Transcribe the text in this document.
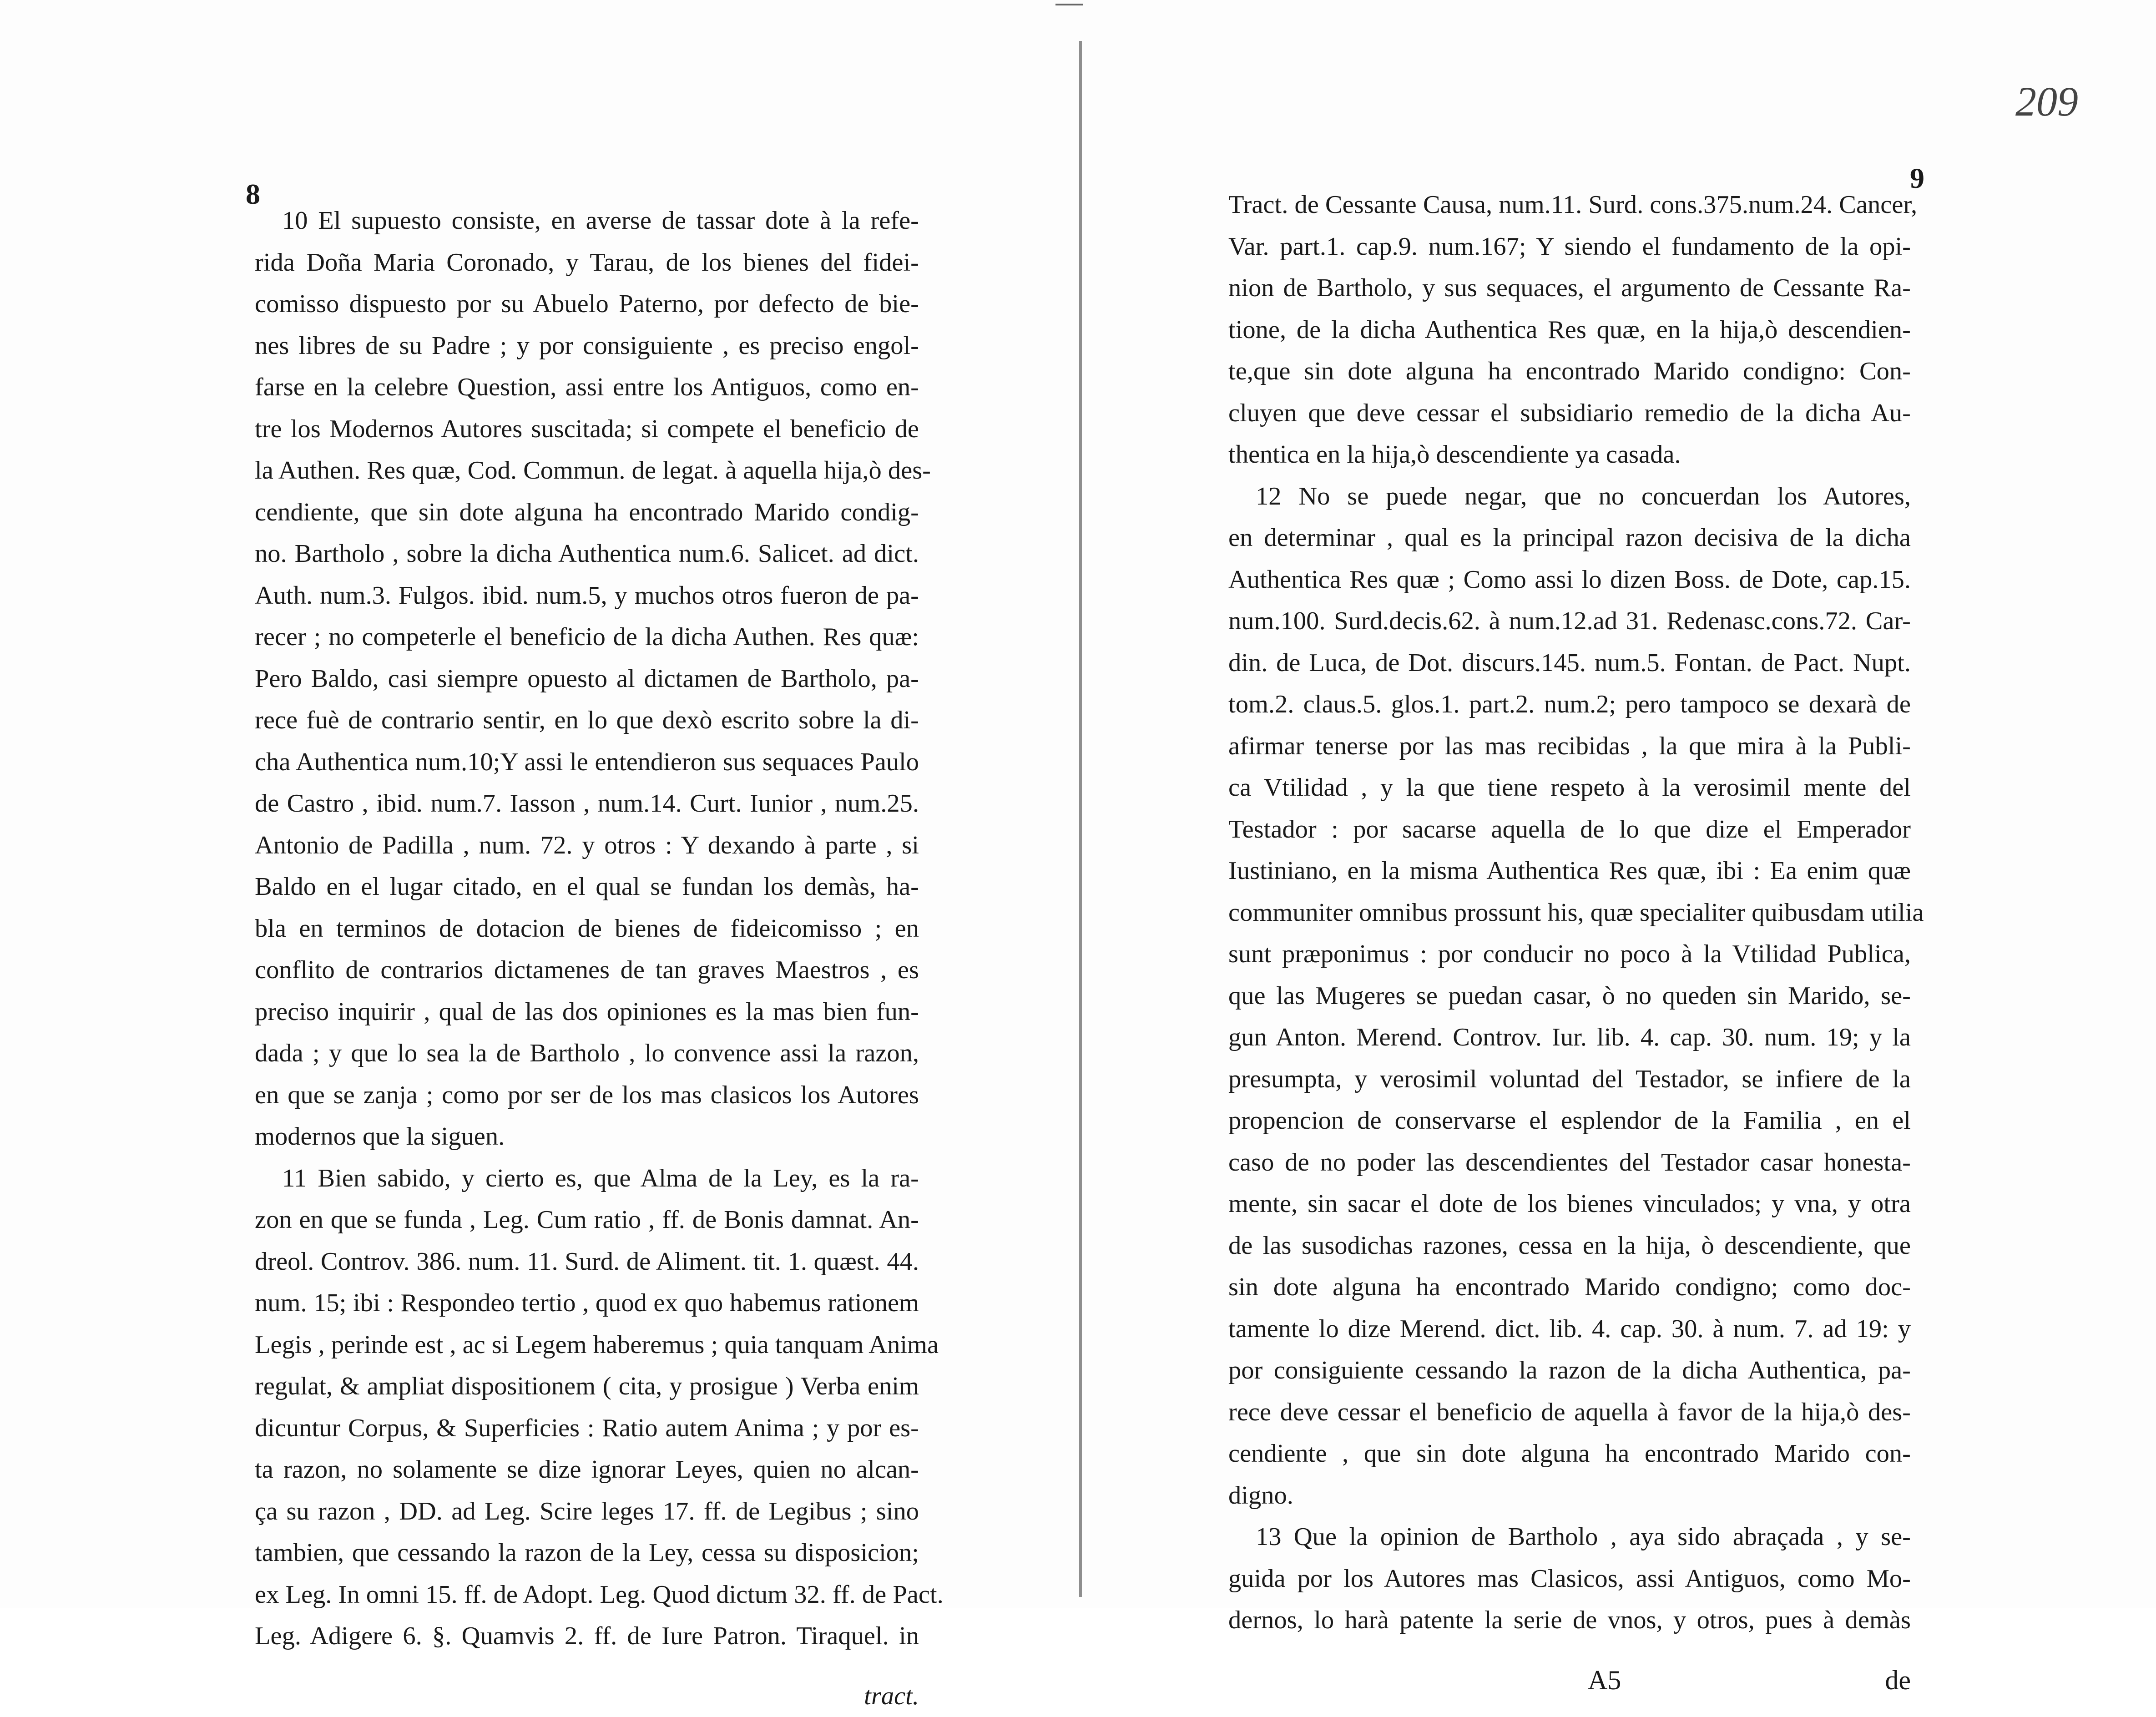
8
10 El supuesto consiste, en averse de tassar dote à la refe-
rida Doña Maria Coronado, y Tarau, de los bienes del fidei-
comisso dispuesto por su Abuelo Paterno, por defecto de bie-
nes libres de su Padre ; y por consiguiente , es preciso engol-
farse en la celebre Question, assi entre los Antiguos, como en-
tre los Modernos Autores suscitada; si compete el beneficio de
la Authen. Res quæ, Cod. Commun. de legat. à aquella hija,ò des-
cendiente, que sin dote alguna ha encontrado Marido condig-
no. Bartholo , sobre la dicha Authentica num.6. Salicet. ad dict.
Auth. num.3. Fulgos. ibid. num.5, y muchos otros fueron de pa-
recer ; no competerle el beneficio de la dicha Authen. Res quæ:
Pero Baldo, casi siempre opuesto al dictamen de Bartholo, pa-
rece fuè de contrario sentir, en lo que dexò escrito sobre la di-
cha Authentica num.10;Y assi le entendieron sus sequaces Paulo
de Castro , ibid. num.7. Iasson , num.14. Curt. Iunior , num.25.
Antonio de Padilla , num. 72. y otros : Y dexando à parte , si
Baldo en el lugar citado, en el qual se fundan los demàs, ha-
bla en terminos de dotacion de bienes de fideicomisso ; en
conflito de contrarios dictamenes de tan graves Maestros , es
preciso inquirir , qual de las dos opiniones es la mas bien fun-
dada ; y que lo sea la de Bartholo , lo convence assi la razon,
en que se zanja ; como por ser de los mas clasicos los Autores
modernos que la siguen.
11 Bien sabido, y cierto es, que Alma de la Ley, es la ra-
zon en que se funda , Leg. Cum ratio , ff. de Bonis damnat. An-
dreol. Controv. 386. num. 11. Surd. de Aliment. tit. 1. quæst. 44.
num. 15; ibi : Respondeo tertio , quod ex quo habemus rationem
Legis , perinde est , ac si Legem haberemus ; quia tanquam Anima
regulat, & ampliat dispositionem ( cita, y prosigue ) Verba enim
dicuntur Corpus, & Superficies : Ratio autem Anima ; y por es-
ta razon, no solamente se dize ignorar Leyes, quien no alcan-
ça su razon , DD. ad Leg. Scire leges 17. ff. de Legibus ; sino
tambien, que cessando la razon de la Ley, cessa su disposicion;
ex Leg. In omni 15. ff. de Adopt. Leg. Quod dictum 32. ff. de Pact.
Leg. Adigere 6. §. Quamvis 2. ff. de Iure Patron. Tiraquel. in
tract.
209
9
Tract. de Cessante Causa, num.11. Surd. cons.375.num.24. Cancer,
Var. part.1. cap.9. num.167; Y siendo el fundamento de la opi-
nion de Bartholo, y sus sequaces, el argumento de Cessante Ra-
tione, de la dicha Authentica Res quæ, en la hija,ò descendien-
te,que sin dote alguna ha encontrado Marido condigno: Con-
cluyen que deve cessar el subsidiario remedio de la dicha Au-
thentica en la hija,ò descendiente ya casada.
12 No se puede negar, que no concuerdan los Autores,
en determinar , qual es la principal razon decisiva de la dicha
Authentica Res quæ ; Como assi lo dizen Boss. de Dote, cap.15.
num.100. Surd.decis.62. à num.12.ad 31. Redenasc.cons.72. Car-
din. de Luca, de Dot. discurs.145. num.5. Fontan. de Pact. Nupt.
tom.2. claus.5. glos.1. part.2. num.2; pero tampoco se dexarà de
afirmar tenerse por las mas recibidas , la que mira à la Publi-
ca Vtilidad , y la que tiene respeto à la verosimil mente del
Testador : por sacarse aquella de lo que dize el Emperador
Iustiniano, en la misma Authentica Res quæ, ibi : Ea enim quæ
communiter omnibus prossunt his, quæ specialiter quibusdam utilia
sunt præponimus : por conducir no poco à la Vtilidad Publica,
que las Mugeres se puedan casar, ò no queden sin Marido, se-
gun Anton. Merend. Controv. Iur. lib. 4. cap. 30. num. 19; y la
presumpta, y verosimil voluntad del Testador, se infiere de la
propencion de conservarse el esplendor de la Familia , en el
caso de no poder las descendientes del Testador casar honesta-
mente, sin sacar el dote de los bienes vinculados; y vna, y otra
de las susodichas razones, cessa en la hija, ò descendiente, que
sin dote alguna ha encontrado Marido condigno; como doc-
tamente lo dize Merend. dict. lib. 4. cap. 30. à num. 7. ad 19: y
por consiguiente cessando la razon de la dicha Authentica, pa-
rece deve cessar el beneficio de aquella à favor de la hija,ò des-
cendiente , que sin dote alguna ha encontrado Marido con-
digno.
13 Que la opinion de Bartholo , aya sido abraçada , y se-
guida por los Autores mas Clasicos, assi Antiguos, como Mo-
dernos, lo harà patente la serie de vnos, y otros, pues à demàs
A5	de
